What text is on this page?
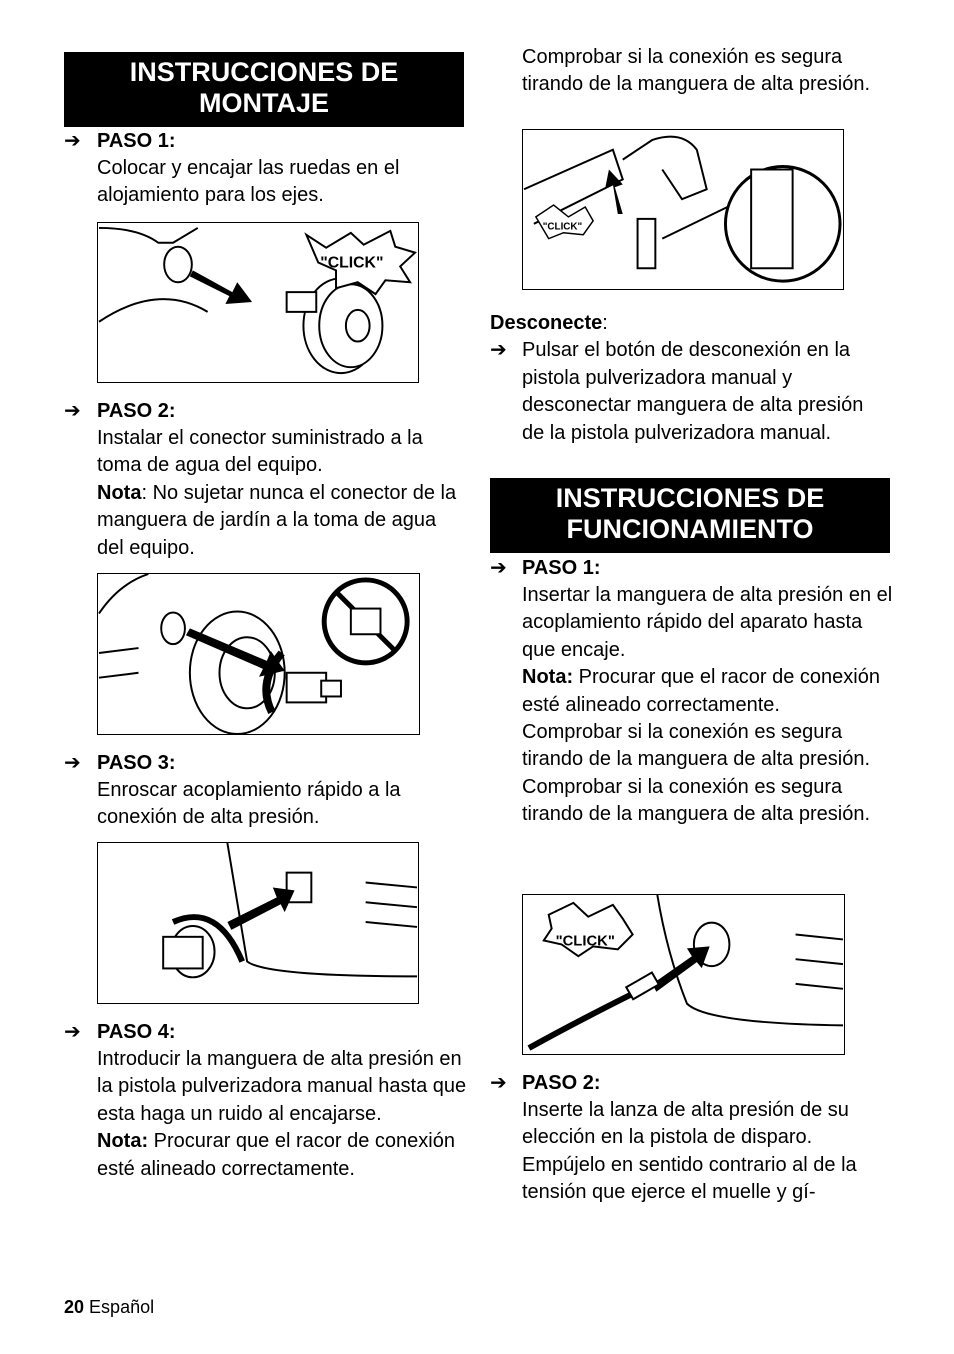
INSTRUCCIONES DE MONTAJE
➔ PASO 1:
Colocar y encajar las ruedas en el alojamiento para los ejes.
"CLICK"
➔ PASO 2:
Instalar el conector suministrado a la toma de agua del equipo.
Nota: No sujetar nunca el conector de la manguera de jardín a la toma de agua del equipo.
➔ PASO 3:
Enroscar acoplamiento rápido a la conexión de alta presión.
➔ PASO 4:
Introducir la manguera de alta presión en la pistola pulverizadora manual hasta que esta haga un ruido al encajarse.
Nota: Procurar que el racor de conexión esté alineado correctamente.
Comprobar si la conexión es segura tirando de la manguera de alta presión.
"CLICK"
Desconecte:
➔ Pulsar el botón de desconexión en la pistola pulverizadora manual y desconectar manguera de alta presión de la pistola pulverizadora manual.
INSTRUCCIONES DE FUNCIONAMIENTO
➔ PASO 1:
Insertar la manguera de alta presión en el acoplamiento rápido del aparato hasta que encaje.
Nota: Procurar que el racor de conexión esté alineado correctamente.
Comprobar si la conexión es segura tirando de la manguera de alta presión.
Comprobar si la conexión es segura tirando de la manguera de alta presión.
"CLICK"
➔ PASO 2:
Inserte la lanza de alta presión de su elección en la pistola de disparo. Empújelo en sentido contrario al de la tensión que ejerce el muelle y gí-
20 Español
